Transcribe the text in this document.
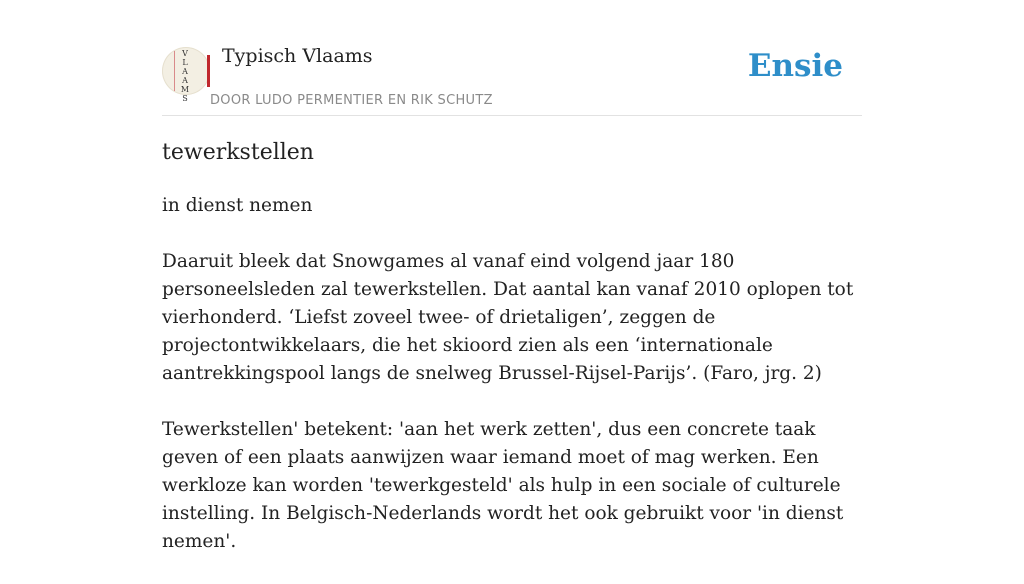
V
L
A
A
M
S
Typisch Vlaams
DOOR LUDO PERMENTIER EN RIK SCHUTZ
Ensie
tewerkstellen

in dienst nemen

Daaruit bleek dat Snowgames al vanaf eind volgend jaar 180 personeelsleden zal tewerkstellen. Dat aantal kan vanaf 2010 oplopen tot vierhonderd. ‘Liefst zoveel twee- of drietaligen’, zeggen de projectontwikkelaars, die het skioord zien als een ‘internationale aantrekkingspool langs de snelweg Brussel-Rijsel-Parijs’. (Faro, jrg. 2)

Tewerkstellen' betekent: 'aan het werk zetten', dus een concrete taak geven of een plaats aanwijzen waar iemand moet of mag werken. Een werkloze kan worden 'tewerkgesteld' als hulp in een sociale of culturele instelling. In Belgisch-Nederlands wordt het ook gebruikt voor 'in dienst nemen'.
